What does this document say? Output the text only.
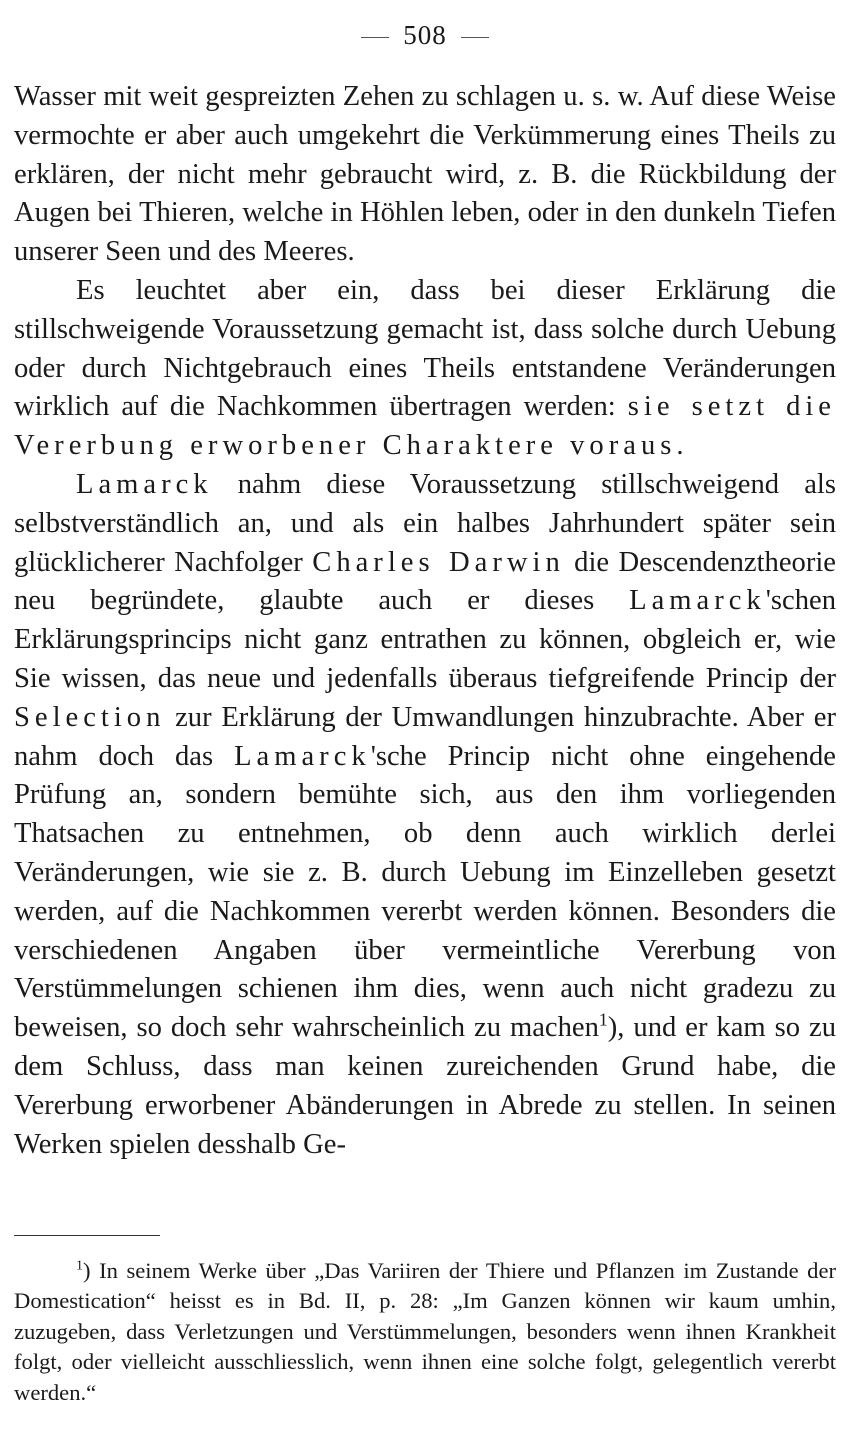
508

Wasser mit weit gespreizten Zehen zu schlagen u. s. w. Auf diese Weise vermochte er aber auch umgekehrt die Verkümmerung eines Theils zu erklären, der nicht mehr gebraucht wird, z. B. die Rückbildung der Augen bei Thieren, welche in Höhlen leben, oder in den dunkeln Tiefen unserer Seen und des Meeres.

Es leuchtet aber ein, dass bei dieser Erklärung die stillschweigende Voraussetzung gemacht ist, dass solche durch Uebung oder durch Nichtgebrauch eines Theils entstandene Veränderungen wirklich auf die Nachkommen übertragen werden: sie setzt die Vererbung erworbener Charaktere voraus.

Lamarck nahm diese Voraussetzung stillschweigend als selbstverständlich an, und als ein halbes Jahrhundert später sein glücklicherer Nachfolger Charles Darwin die Descendenztheorie neu begründete, glaubte auch er dieses Lamarck'schen Erklärungsprincips nicht ganz entrathen zu können, obgleich er, wie Sie wissen, das neue und jedenfalls überaus tiefgreifende Princip der Selection zur Erklärung der Umwandlungen hinzubrachte. Aber er nahm doch das Lamarck'sche Princip nicht ohne eingehende Prüfung an, sondern bemühte sich, aus den ihm vorliegenden Thatsachen zu entnehmen, ob denn auch wirklich derlei Veränderungen, wie sie z. B. durch Uebung im Einzelleben gesetzt werden, auf die Nachkommen vererbt werden können. Besonders die verschiedenen Angaben über vermeintliche Vererbung von Verstümmelungen schienen ihm dies, wenn auch nicht gradezu zu beweisen, so doch sehr wahrscheinlich zu machen$^1$), und er kam so zu dem Schluss, dass man keinen zureichenden Grund habe, die Vererbung erworbener Abänderungen in Abrede zu stellen. In seinen Werken spielen desshalb Ge-

$^1$) In seinem Werke über „Das Variiren der Thiere und Pflanzen im Zustande der Domestication“ heisst es in Bd. II, p. 28: „Im Ganzen können wir kaum umhin, zuzugeben, dass Verletzungen und Verstümmelungen, besonders wenn ihnen Krankheit folgt, oder vielleicht ausschliesslich, wenn ihnen eine solche folgt, gelegentlich vererbt werden.“
